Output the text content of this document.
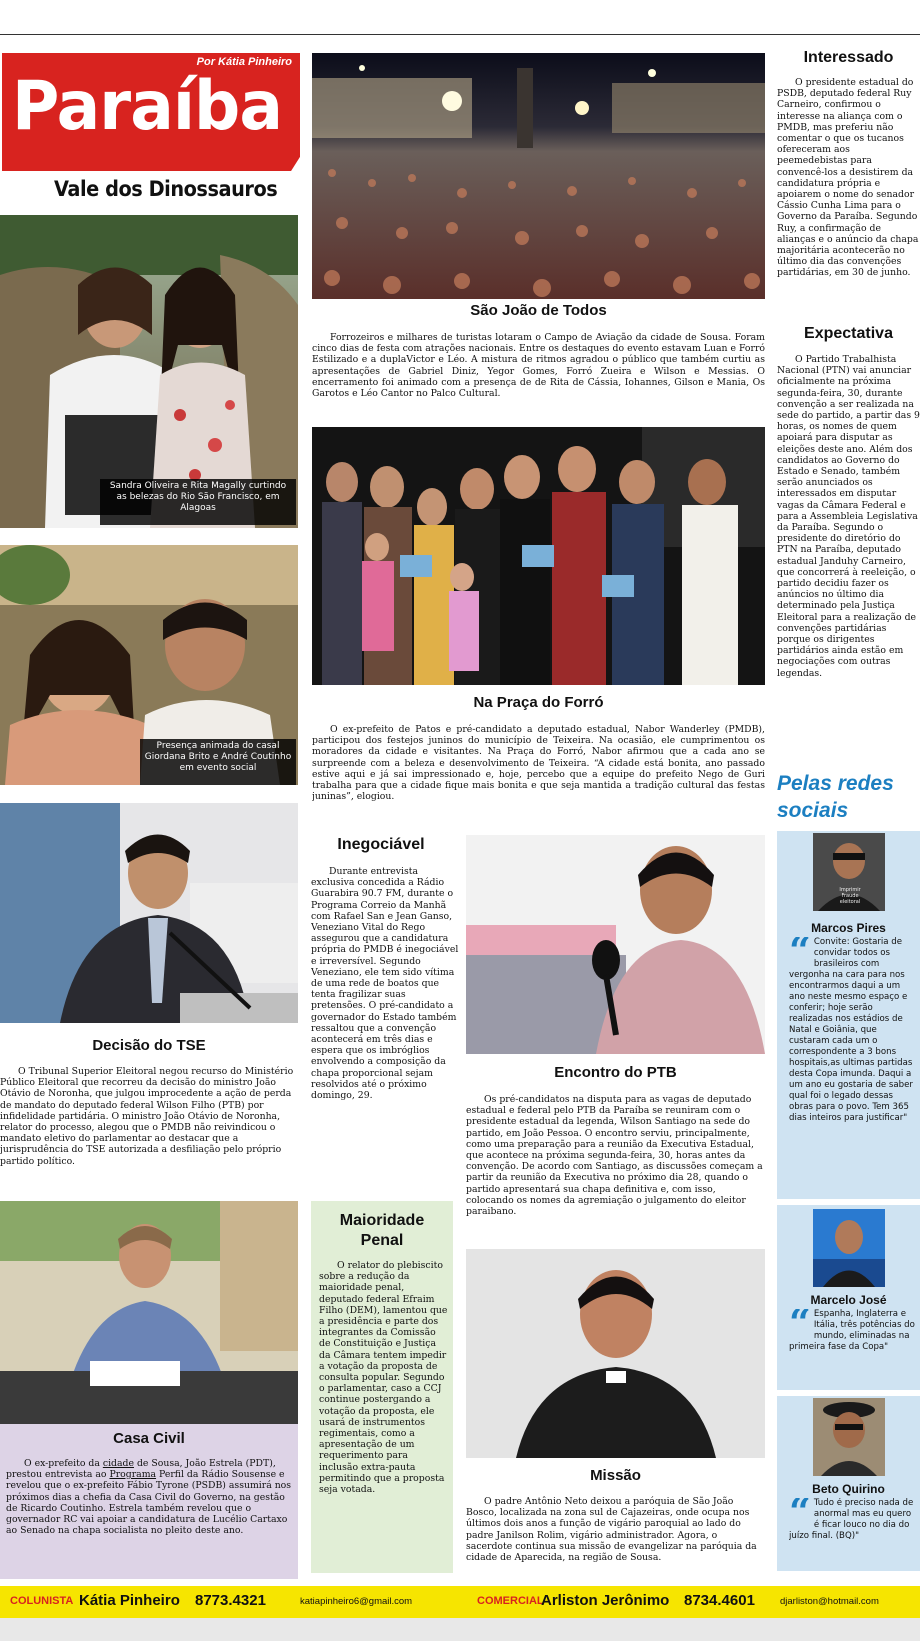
Por Kátia Pinheiro
Paraíba
Vale dos Dinossauros
Sandra Oliveira e Rita Magally curtindo as belezas do Rio São Francisco, em Alagoas
Presença animada do casal Giordana Brito e André Coutinho em evento social
São João de Todos
Forrozeiros e milhares de turistas lotaram o Campo de Aviação da cidade de Sousa. Foram cinco dias de festa com atrações nacionais. Entre os destaques do evento estavam Luan e Forró Estilizado e a duplaVictor e Léo. A mistura de ritmos agradou o público que também curtiu as apresentações de Gabriel Diniz, Yegor Gomes, Forró Zueira e Wilson e Messias. O encerramento foi animado com a presença de de Rita de Cássia, Iohannes, Gilson e Mania, Os Garotos e Léo Cantor no Palco Cultural.
Na Praça do Forró
O ex-prefeito de Patos e pré-candidato a deputado estadual, Nabor Wanderley (PMDB), participou dos festejos juninos do município de Teixeira. Na ocasião, ele cumprimentou os moradores da cidade e visitantes. Na Praça do Forró, Nabor afirmou que a cada ano se surpreende com a beleza e desenvolvimento de Teixeira. “A cidade está bonita, ano passado estive aqui e já sai impressionado e, hoje, percebo que a equipe do prefeito Nego de Guri trabalha para que a cidade fique mais bonita e que seja mantida a tradição cultural das festas juninas”, elogiou.
Interessado
O presidente estadual do PSDB, deputado federal Ruy Carneiro, confirmou o interesse na aliança com o PMDB, mas preferiu não comentar o que os tucanos ofereceram aos peemedebistas para convencê-los a desistirem da candidatura própria e apoiarem o nome do senador Cássio Cunha Lima para o Governo da Paraíba. Segundo Ruy, a confirmação de alianças e o anúncio da chapa majoritária acontecerão no último dia das convenções partidárias, em 30 de junho.
Expectativa
O Partido Trabalhista Nacional (PTN) vai anunciar oficialmente na próxima segunda-feira, 30, durante convenção a ser realizada na sede do partido, a partir das 9 horas, os nomes de quem apoiará para disputar as eleições deste ano. Além dos candidatos ao Governo do Estado e Senado, também serão anunciados os interessados em disputar vagas da Câmara Federal e para a Assembleia Legislativa da Paraíba. Segundo o presidente do diretório do PTN na Paraíba, deputado estadual Janduhy Carneiro, que concorrerá à reeleição, o partido decidiu fazer os anúncios no último dia determinado pela Justiça Eleitoral para a realização de convenções partidárias porque os dirigentes partidários ainda estão em negociações com outras legendas.
Pelas redes sociais
Imprimir Fraude eleitoral
Marcos Pires
“ Convite: Gostaria de convidar todos os brasileiros com vergonha na cara para nos encontrarmos daqui a um ano neste mesmo espaço e conferir; hoje serão realizadas nos estádios de Natal e Goiânia, que custaram cada um o correspondente a 3 bons hospitais,as ultimas partidas desta Copa imunda. Daqui a um ano eu gostaria de saber qual foi o legado dessas obras para o povo. Tem 365 dias inteiros para justificar"
Marcelo José
“ Espanha, Inglaterra e Itália, três potências do mundo, eliminadas na primeira fase da Copa"
Beto Quirino
“ Tudo é preciso nada de anormal mas eu quero é ficar louco no dia do juízo final. (BQ)"
Decisão do TSE
O Tribunal Superior Eleitoral negou recurso do Ministério Público Eleitoral que recorreu da decisão do ministro João Otávio de Noronha, que julgou improcedente a ação de perda de mandato do deputado federal Wilson Filho (PTB) por infidelidade partidária. O ministro João Otávio de Noronha, relator do processo, alegou que o PMDB não reivindicou o mandato eletivo do parlamentar ao destacar que a jurisprudência do TSE autorizada a desfiliação pelo próprio partido político.
Inegociável
Durante entrevista exclusiva concedida a Rádio Guarabira 90.7 FM, durante o Programa Correio da Manhã com Rafael San e Jean Ganso, Veneziano Vital do Rego assegurou que a candidatura própria do PMDB é inegociável e irreversível. Segundo Veneziano, ele tem sido vítima de uma rede de boatos que tenta fragilizar suas pretensões. O pré-candidato a governador do Estado também ressaltou que a convenção acontecerá em três dias e espera que os imbróglios envolvendo a composição da chapa proporcional sejam resolvidos até o próximo domingo, 29.
Encontro do PTB
Os pré-candidatos na disputa para as vagas de deputado estadual e federal pelo PTB da Paraíba se reuniram com o presidente estadual da legenda, Wilson Santiago na sede do partido, em João Pessoa. O encontro serviu, principalmente, como uma preparação para a reunião da Executiva Estadual, que acontece na próxima segunda-feira, 30, horas antes da convenção. De acordo com Santiago, as discussões começam a partir da reunião da Executiva no próximo dia 28, quando o partido apresentará sua chapa definitiva e, com isso, colocando os nomes da agremiação o julgamento do eleitor paraibano.
Casa Civil
O ex-prefeito da cidade de Sousa, João Estrela (PDT), prestou entrevista ao Programa Perfil da Rádio Sousense e revelou que o ex-prefeito Fábio Tyrone (PSDB) assumirá nos próximos dias a chefia da Casa Civil do Governo, na gestão de Ricardo Coutinho. Estrela também revelou que o governador RC vai apoiar a candidatura de Lucélio Cartaxo ao Senado na chapa socialista no pleito deste ano.
Maioridade Penal
O relator do plebiscito sobre a redução da maioridade penal, deputado federal Efraim Filho (DEM), lamentou que a presidência e parte dos integrantes da Comissão de Constituição e Justiça da Câmara tentem impedir a votação da proposta de consulta popular. Segundo o parlamentar, caso a CCJ continue postergando a votação da proposta, ele usará de instrumentos regimentais, como a apresentação de um requerimento para inclusão extra-pauta permitindo que a proposta seja votada.
Missão
O padre Antônio Neto deixou a paróquia de São João Bosco, localizada na zona sul de Cajazeiras, onde ocupa nos últimos dois anos a função de vigário paroquial ao lado do padre Janilson Rolim, vigário administrador. Agora, o sacerdote continua sua missão de evangelizar na paróquia da cidade de Aparecida, na região de Sousa.
COLUNISTA Kátia Pinheiro 8773.4321	katiapinheiro6@gmail.com	COMERCIAL
Arliston Jerônimo 8734.4601	djarliston@hotmail.com
